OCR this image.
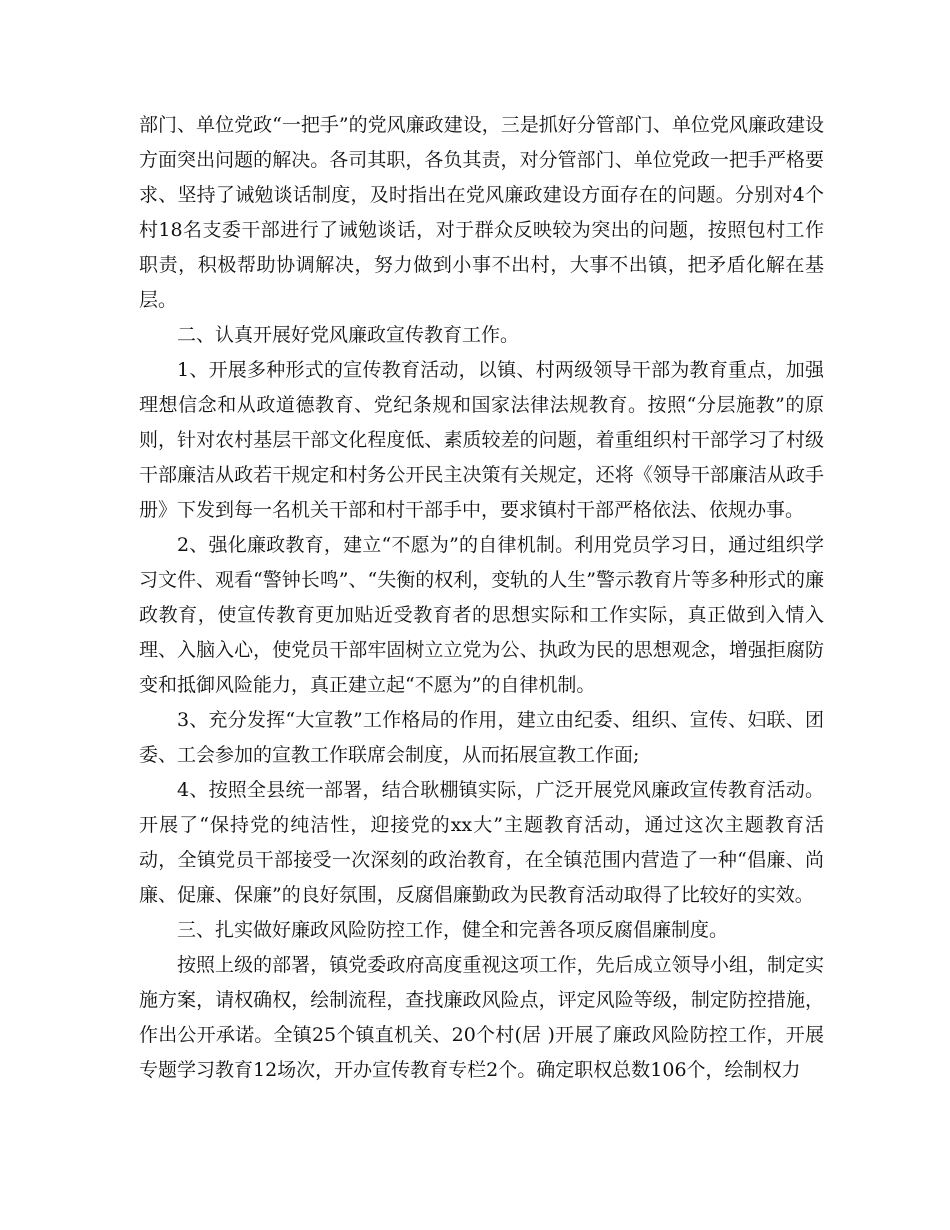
部门、单位党政“一把手”的党风廉政建设，三是抓好分管部门、单位党风廉政建设方面突出问题的解决。各司其职，各负其责，对分管部门、单位党政一把手严格要求、坚持了诫勉谈话制度，及时指出在党风廉政建设方面存在的问题。分别对4个村18名支委干部进行了诫勉谈话，对于群众反映较为突出的问题，按照包村工作职责，积极帮助协调解决，努力做到小事不出村，大事不出镇，把矛盾化解在基层。

二、认真开展好党风廉政宣传教育工作。

1、开展多种形式的宣传教育活动，以镇、村两级领导干部为教育重点，加强理想信念和从政道德教育、党纪条规和国家法律法规教育。按照“分层施教”的原则，针对农村基层干部文化程度低、素质较差的问题，着重组织村干部学习了村级干部廉洁从政若干规定和村务公开民主决策有关规定，还将《领导干部廉洁从政手册》下发到每一名机关干部和村干部手中，要求镇村干部严格依法、依规办事。

2、强化廉政教育，建立“不愿为”的自律机制。利用党员学习日，通过组织学习文件、观看“警钟长鸣”、“失衡的权利，变轨的人生”警示教育片等多种形式的廉政教育，使宣传教育更加贴近受教育者的思想实际和工作实际，真正做到入情入理、入脑入心，使党员干部牢固树立立党为公、执政为民的思想观念，增强拒腐防变和抵御风险能力，真正建立起“不愿为”的自律机制。

3、充分发挥“大宣教”工作格局的作用，建立由纪委、组织、宣传、妇联、团委、工会参加的宣教工作联席会制度，从而拓展宣教工作面;

4、按照全县统一部署，结合耿棚镇实际，广泛开展党风廉政宣传教育活动。开展了“保持党的纯洁性，迎接党的xx大”主题教育活动，通过这次主题教育活动，全镇党员干部接受一次深刻的政治教育，在全镇范围内营造了一种“倡廉、尚廉、促廉、保廉”的良好氛围，反腐倡廉勤政为民教育活动取得了比较好的实效。

三、扎实做好廉政风险防控工作，健全和完善各项反腐倡廉制度。

按照上级的部署，镇党委政府高度重视这项工作，先后成立领导小组，制定实施方案，请权确权，绘制流程，查找廉政风险点，评定风险等级，制定防控措施，作出公开承诺。全镇25个镇直机关、20个村(居 )开展了廉政风险防控工作，开展专题学习教育12场次，开办宣传教育专栏2个。确定职权总数106个，绘制权力
